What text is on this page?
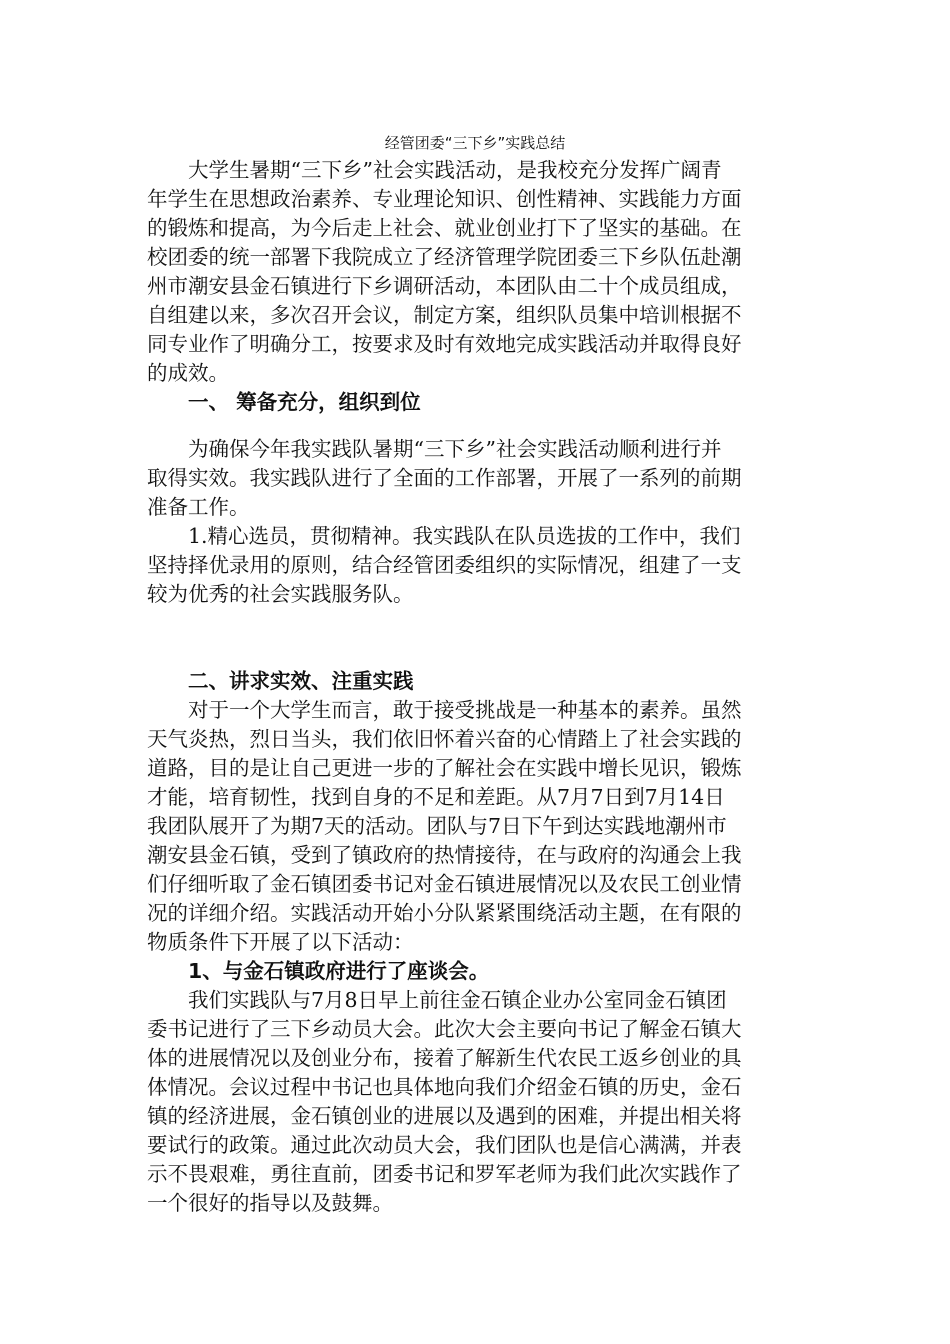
经管团委“三下乡”实践总结

大学生暑期“三下乡”社会实践活动，是我校充分发挥广阔青
年学生在思想政治素养、专业理论知识、创性精神、实践能力方面
的锻炼和提高，为今后走上社会、就业创业打下了坚实的基础。在
校团委的统一部署下我院成立了经济管理学院团委三下乡队伍赴潮
州市潮安县金石镇进行下乡调研活动，本团队由二十个成员组成，
自组建以来，多次召开会议，制定方案，组织队员集中培训根据不
同专业作了明确分工，按要求及时有效地完成实践活动并取得良好
的成效。

一、 筹备充分，组织到位

为确保今年我实践队暑期“三下乡”社会实践活动顺利进行并
取得实效。我实践队进行了全面的工作部署，开展了一系列的前期
准备工作。
1.精心选员，贯彻精神。我实践队在队员选拔的工作中，我们
坚持择优录用的原则，结合经管团委组织的实际情况，组建了一支
较为优秀的社会实践服务队。

二、讲求实效、注重实践

对于一个大学生而言，敢于接受挑战是一种基本的素养。虽然
天气炎热，烈日当头，我们依旧怀着兴奋的心情踏上了社会实践的
道路，目的是让自己更进一步的了解社会在实践中增长见识，锻炼
才能，培育韧性，找到自身的不足和差距。从7月7日到7月14日
我团队展开了为期7天的活动。团队与7日下午到达实践地潮州市
潮安县金石镇，受到了镇政府的热情接待，在与政府的沟通会上我
们仔细听取了金石镇团委书记对金石镇进展情况以及农民工创业情
况的详细介绍。实践活动开始小分队紧紧围绕活动主题，在有限的
物质条件下开展了以下活动：

1、与金石镇政府进行了座谈会。

我们实践队与7月8日早上前往金石镇企业办公室同金石镇团
委书记进行了三下乡动员大会。此次大会主要向书记了解金石镇大
体的进展情况以及创业分布，接着了解新生代农民工返乡创业的具
体情况。会议过程中书记也具体地向我们介绍金石镇的历史，金石
镇的经济进展，金石镇创业的进展以及遇到的困难，并提出相关将
要试行的政策。通过此次动员大会，我们团队也是信心满满，并表
示不畏艰难，勇往直前，团委书记和罗军老师为我们此次实践作了
一个很好的指导以及鼓舞。
